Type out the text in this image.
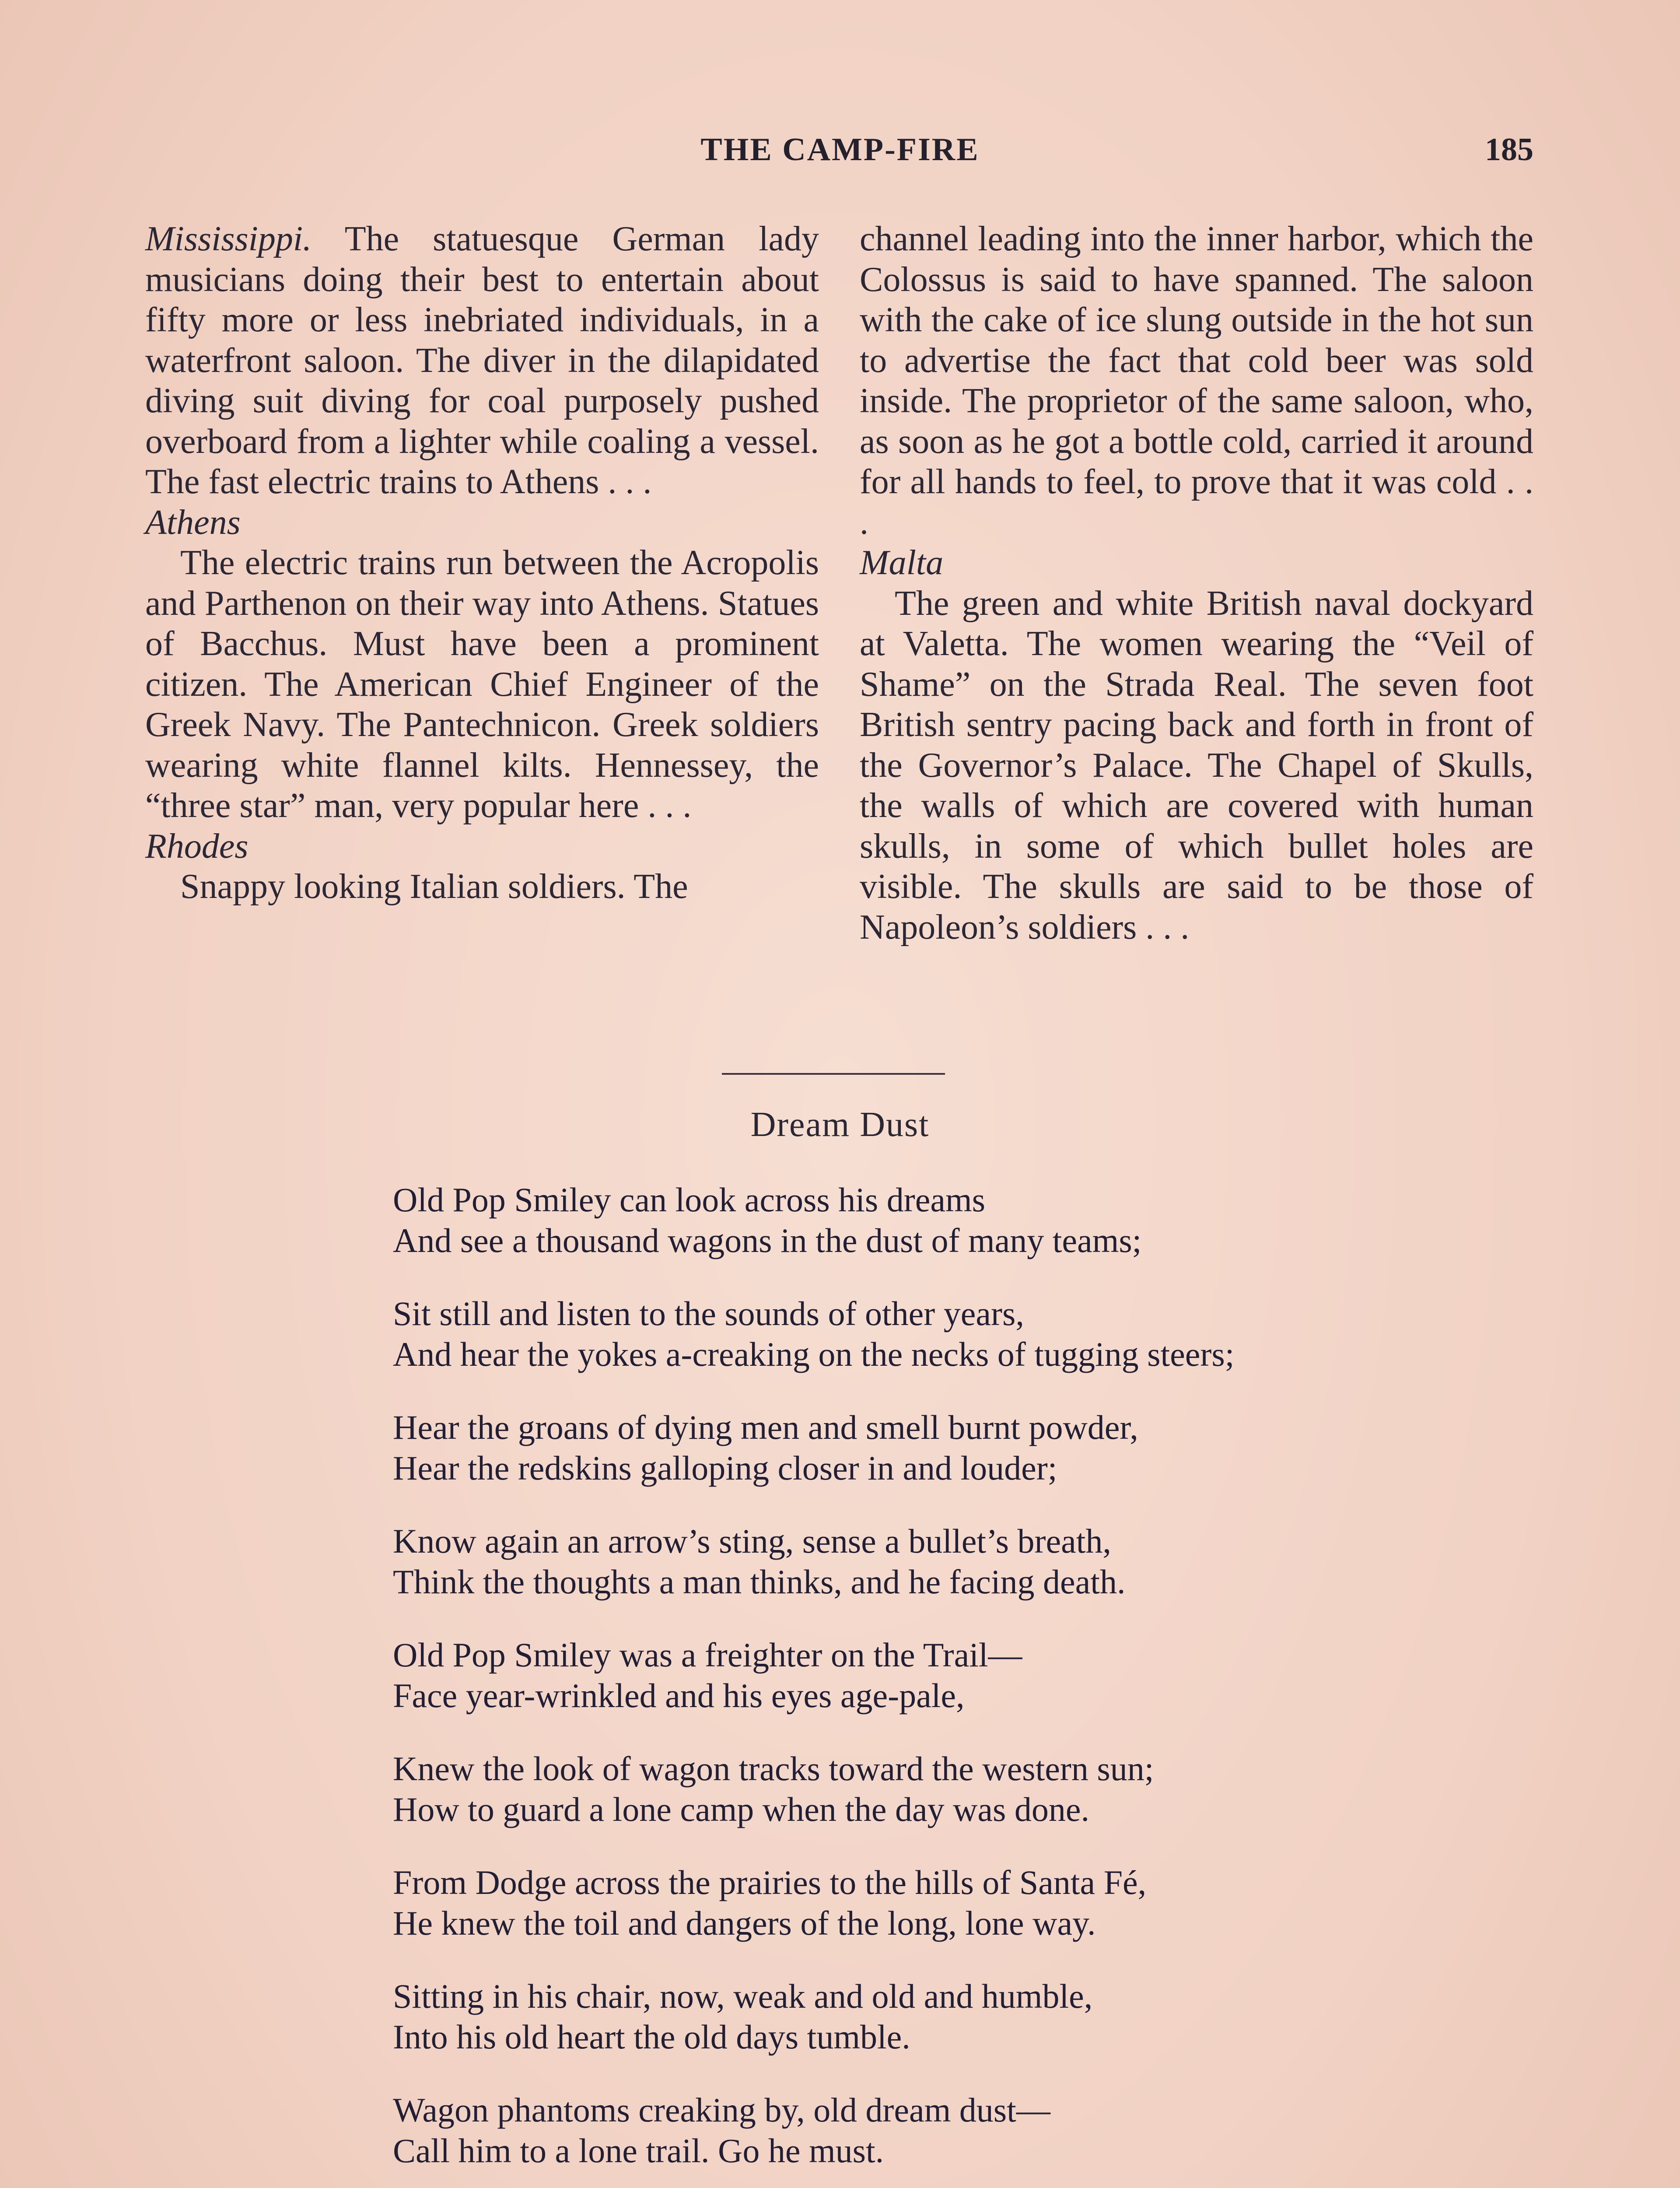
THE CAMP-FIRE	185

Mississippi. The statuesque German lady musicians doing their best to entertain about fifty more or less inebriated individuals, in a waterfront saloon. The diver in the dilapidated diving suit diving for coal purposely pushed overboard from a lighter while coaling a vessel. The fast electric trains to Athens . . .

Athens

The electric trains run between the Acropolis and Parthenon on their way into Athens. Statues of Bacchus. Must have been a prominent citizen. The American Chief Engineer of the Greek Navy. The Pantechnicon. Greek soldiers wearing white flannel kilts. Hennessey, the “three star” man, very popular here . . .

Rhodes

Snappy looking Italian soldiers. The

channel leading into the inner harbor, which the Colossus is said to have spanned. The saloon with the cake of ice slung outside in the hot sun to advertise the fact that cold beer was sold inside. The proprietor of the same saloon, who, as soon as he got a bottle cold, carried it around for all hands to feel, to prove that it was cold . . .

Malta

The green and white British naval dockyard at Valetta. The women wearing the “Veil of Shame” on the Strada Real. The seven foot British sentry pacing back and forth in front of the Governor’s Palace. The Chapel of Skulls, the walls of which are covered with human skulls, in some of which bullet holes are visible. The skulls are said to be those of Napoleon’s soldiers . . .

Dream Dust
Old Pop Smiley can look across his dreams
And see a thousand wagons in the dust of many teams;
Sit still and listen to the sounds of other years,
And hear the yokes a-creaking on the necks of tugging steers;
Hear the groans of dying men and smell burnt powder,
Hear the redskins galloping closer in and louder;
Know again an arrow’s sting, sense a bullet’s breath,
Think the thoughts a man thinks, and he facing death.
Old Pop Smiley was a freighter on the Trail—
Face year-wrinkled and his eyes age-pale,
Knew the look of wagon tracks toward the western sun;
How to guard a lone camp when the day was done.
From Dodge across the prairies to the hills of Santa Fé,
He knew the toil and dangers of the long, lone way.
Sitting in his chair, now, weak and old and humble,
Into his old heart the old days tumble.
Wagon phantoms creaking by, old dream dust—
Call him to a lone trail. Go he must.
